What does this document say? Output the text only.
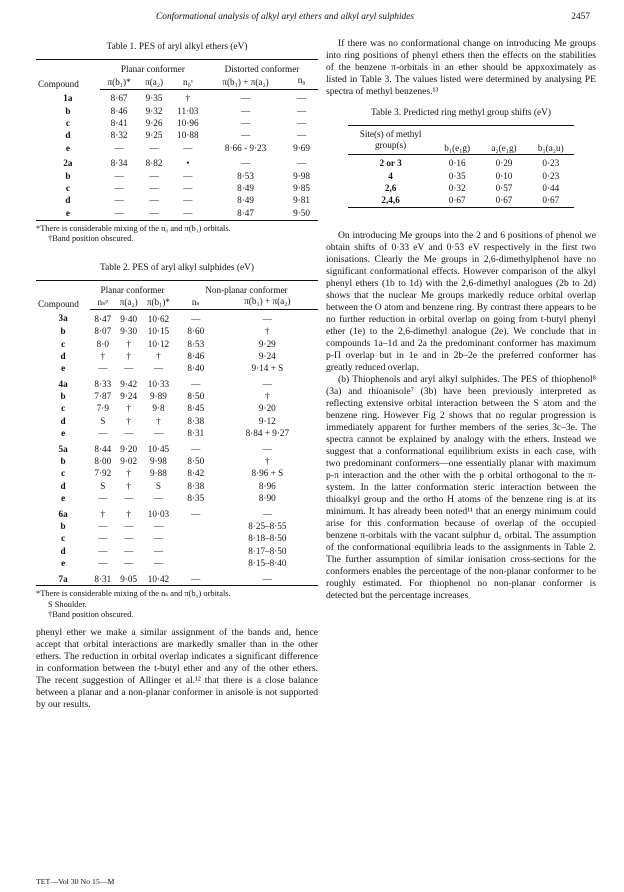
Conformational analysis of alkyl aryl ethers and alkyl aryl sulphides	2457
Table 1. PES of aryl alkyl ethers (eV)
Compound	Planar conformer			Distorted conformer	
	π(b₁)*	π(a₂)	n₀ˢ	π(b₁) + π(a₂)	n₀
1a	8·67	9·35	†	—	—
b	8·46	9·32	11·03	—	—
c	8·41	9·26	10·96	—	—
d	8·32	9·25	10·88	—	—
e	—	—	—	8·66 - 9·23	9·69
2a	8·34	8·82	•	—	—
b	—	—	—	8·53	9·98
c	—	—	—	8·49	9·85
d	—	—	—	8·49	9·81
e	—	—	—	8·47	9·50

*There is considerable mixing of the n₀ and π(b₁) orbitals.

†Band position obscured.

Table 2. PES of aryl alkyl sulphides (eV)
Compound	Planar conformer			Non-planar conformer	

	nₛᵖ	π(a₂)	π(b₁)*	nₛ	π(b₁) + π(a₂)
3a	8·47	9·40	10·62	—	—
b	8·07	9·30	10·15	8·60	†
c	8·0	†	10·12	8·53	9·29
d	†	†	†	8·46	9·24
e	—	—	—	8·40	9·14 + S
4a	8·33	9·42	10·33	—	—
b	7·87	9·24	9·89	8·50	†
c	7·9	†	9·8	8·45	9·20
d	S	†	†	8·38	9·12
e	—	—	—	8·31	8·84 + 9·27
5a	8·44	9·20	10·45	—	—
b	8·00	9·02	9·98	8·50	†
c	7·92	†	9·88	8·42	8·96 + S
d	S	†	S	8·38	8·96
e	—	—	—	8·35	8·90
6a	†	†	10·03	—	—
b	—	—	—		8·25–8·55
c	—	—	—		8·18–8·50
d	—	—	—		8·17–8·50
e	—	—	—		8·15–8·40
7a	8·31	9·05	10·42	—	—

*There is considerable mixing of the nₛ and π(b₁) orbitals.

S Shoulder.

†Band position obscured.

phenyl ether we make a similar assignment of the bands and, hence accept that orbital interactions are markedly smaller than in the other ethers. The reduction in orbital overlap indicates a significant difference in conformation between the t-butyl ether and any of the other ethers. The recent suggestion of Allinger et al.¹² that there is a close balance between a planar and a non-planar conformer in anisole is not supported by our results.

If there was no conformational change on introducing Me groups into ring positions of phenyl ethers then the effects on the stabilities of the benzene π-orbitals in an ether should be appxoximately as listed in Table 3. The values listed were determined by analysing PE spectra of methyl benzenes.¹³

Table 3. Predicted ring methyl group shifts (eV)
Site(s) of methyl group(s)	b₁(e₁g)	a₂(e₁g)	b₁(a₂u)
2 or 3	0·16	0·29	0·23
4	0·35	0·10	0·23
2,6	0·32	0·57	0·44
2,4,6	0·67	0·67	0·67

On introducing Me groups into the 2 and 6 positions of phenol we obtain shifts of 0·33 eV and 0·53 eV respectively in the first two ionisations. Clearly the Me groups in 2,6-dimethylphenol have no significant conformational effects. However comparison of the alkyl phenyl ethers (1b to 1d) with the 2,6-dimethyl analogues (2b to 2d) shows that the nuclear Me groups markedly reduce orbital overlap between the O atom and benzene ring. By contrast there appears to be no further reduction in orbital overlap on going from t-butyl phenyl ether (1e) to the 2,6-dimethyl analogue (2e). We conclude that in compounds 1a–1d and 2a the predominant conformer has maximum p-Π overlap but in 1e and in 2b–2e the preferred conformer has greatly reduced overlap.

(b) Thiophenols and aryl alkyl sulphides. The PES of thiophenol⁸ (3a) and thioanisole⁷ (3b) have been previously interpreted as reflecting extensive orbital interaction between the S atom and the benzene ring. However Fig 2 shows that no regular progression is immediately apparent for further members of the series 3c–3e. The spectra cannot be explained by analogy with the ethers. Instead we suggest that a conformational equilibrium exists in each case, with two predominant conformers—one essentially planar with maximum p-π interaction and the other with the p orbital orthogonal to the π-system. In the latter conformation steric interaction between the thioalkyl group and the ortho H atoms of the benzene ring is at its minimum. It has already been noted¹¹ that an energy minimum could arise for this conformation because of overlap of the occupied benzene π-orbitals with the vacant sulphur d꜀ orbital. The assumption of the conformational equilibria leads to the assignments in Table 2. The further assumption of similar ionisation cross-sections for the conformers enables the percentage of the non-planar conformer to be roughly estimated. For thiophenol no non-planar conformer is detected but the percentage increases

TET—Vol 30 No 15—M
